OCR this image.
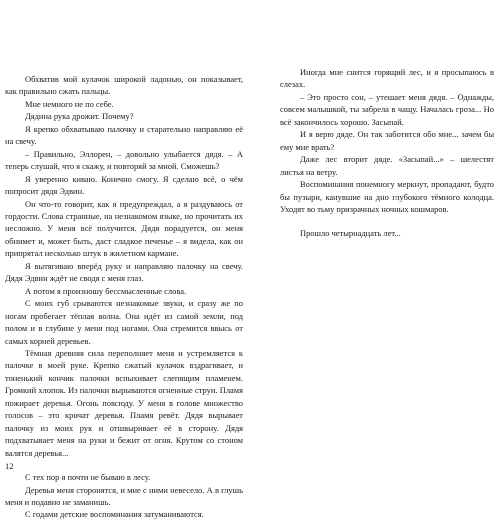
Обхватив мой кулачок широкой ладонью, он показывает, как правильно сжать пальцы.

Мне немного не по себе.

Дядина рука дрожит. Почему?

Я крепко обхватываю палочку и старательно направляю её на свечу.

– Правильно, Эллорен, – довольно улыбается дядя. – А теперь слушай, что я скажу, и повторяй за мной. Сможешь?

Я уверенно киваю. Конечно смогу. Я сделаю всё, о чём попросит дядя Эдвин.

Он что-то говорит, как я предупреждал, а я раздуваюсь от гордости. Слова странные, на незнакомом языке, но прочитать их несложно. У меня всё получится. Дядя порадуется, он меня обнимет и, может быть, даст сладкое печенье – я видела, как он припрятал несколько штук в жилетном кармане.

Я вытягиваю вперёд руку и направляю палочку на свечу. Дядя Эдвин ждёт не сводя с меня глаз.

А потом я произношу бессмысленные слова.

С моих губ срываются незнакомые звуки, и сразу же по ногам пробегает тёплая волна. Она идёт из самой земли, под полом и в глубине у меня под ногами. Она стремится ввысь от самых корней деревьев.

Тёмная древняя сила переполняет меня и устремляется к палочке в моей руке. Крепко сжатый кулачок вздрагивает, и тоненький кончик палочки вспыхивает слепящим пламенем. Громкий хлопок. Из палочки вырываются огненные струи. Пламя пожирает деревья. Огонь повсюду. У меня в голове множество голосов – это кричат деревья. Пламя ревёт. Дядя вырывает палочку из моих рук и отшвыривает её в сторону. Дядя подхватывает меня на руки и бежит от огня. Крутом со стоном валятся деревья...

С тех пор я почти не бываю в лесу.

Деревья меня сторонятся, и мне с ними невесело. А в глушь меня и подавно не заманишь.

С годами детские воспоминания затуманиваются.

12

Иногда мне снится горящий лес, и я просыпаюсь в слезах.

– Это просто сон, – утешает меня дядя. – Однажды, совсем малышкой, ты забрела в чащу. Началась гроза... Но всё закончилось хорошо. Засыпай.

И я верю дяде. Он так заботится обо мне... зачем бы ему мне врать?

Даже лес вторит дяде. «Засыпай...» – шелестят листья на ветру.

Воспоминания понемногу меркнут, пропадают, будто бы пузыри, канувшие на дно глубокого тёмного колодца. Уходят во тьму призрачных ночных кошмаров.

Прошло четырнадцать лет...
